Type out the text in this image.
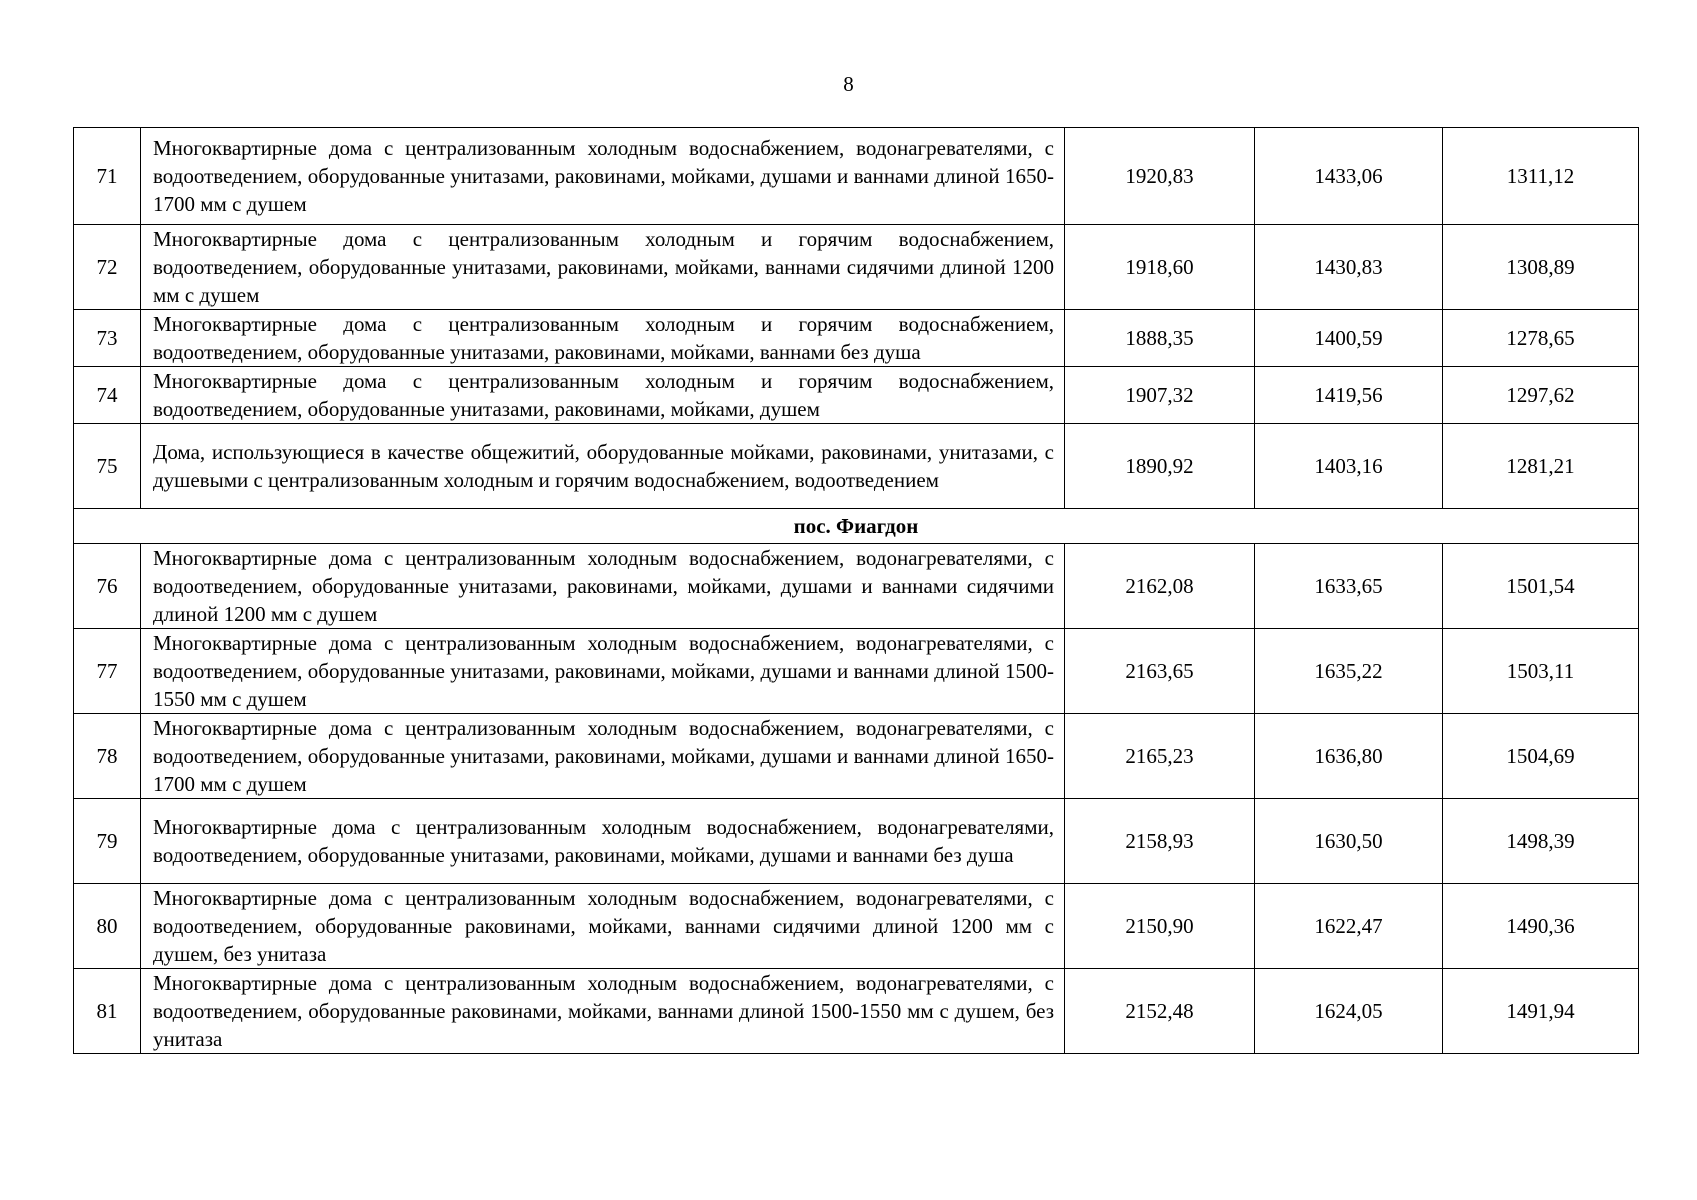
8
71	Многоквартирные дома с централизованным холодным водоснабжением, водонагревателями, с водоотведением, оборудованные унитазами, раковинами, мойками, душами и ваннами длиной 1650-1700 мм с душем	1920,83	1433,06	1311,12
72	Многоквартирные дома с централизованным холодным и горячим водоснабжением, водоотведением, оборудованные унитазами, раковинами, мойками, ваннами сидячими длиной 1200 мм с душем	1918,60	1430,83	1308,89
73	Многоквартирные дома с централизованным холодным и горячим водоснабжением, водоотведением, оборудованные унитазами, раковинами, мойками, ваннами без душа	1888,35	1400,59	1278,65
74	Многоквартирные дома с централизованным холодным и горячим водоснабжением, водоотведением, оборудованные унитазами, раковинами, мойками, душем	1907,32	1419,56	1297,62
75	Дома, использующиеся в качестве общежитий, оборудованные мойками, раковинами, унитазами, с душевыми с централизованным холодным и горячим водоснабжением, водоотведением	1890,92	1403,16	1281,21
пос. Фиагдон				
76	Многоквартирные дома с централизованным холодным водоснабжением, водонагревателями, с водоотведением, оборудованные унитазами, раковинами, мойками, душами и ваннами сидячими длиной 1200 мм с душем	2162,08	1633,65	1501,54
77	Многоквартирные дома с централизованным холодным водоснабжением, водонагревателями, с водоотведением, оборудованные унитазами, раковинами, мойками, душами и ваннами длиной 1500-1550 мм с душем	2163,65	1635,22	1503,11
78	Многоквартирные дома с централизованным холодным водоснабжением, водонагревателями, с водоотведением, оборудованные унитазами, раковинами, мойками, душами и ваннами длиной 1650-1700 мм с душем	2165,23	1636,80	1504,69
79	Многоквартирные дома с централизованным холодным водоснабжением, водонагревателями, водоотведением, оборудованные унитазами, раковинами, мойками, душами и ваннами без душа	2158,93	1630,50	1498,39
80	Многоквартирные дома с централизованным холодным водоснабжением, водонагревателями, с водоотведением, оборудованные раковинами, мойками, ваннами сидячими длиной 1200 мм с душем, без унитаза	2150,90	1622,47	1490,36
81	Многоквартирные дома с централизованным холодным водоснабжением, водонагревателями, с водоотведением, оборудованные раковинами, мойками, ваннами длиной 1500-1550 мм с душем, без унитаза	2152,48	1624,05	1491,94
